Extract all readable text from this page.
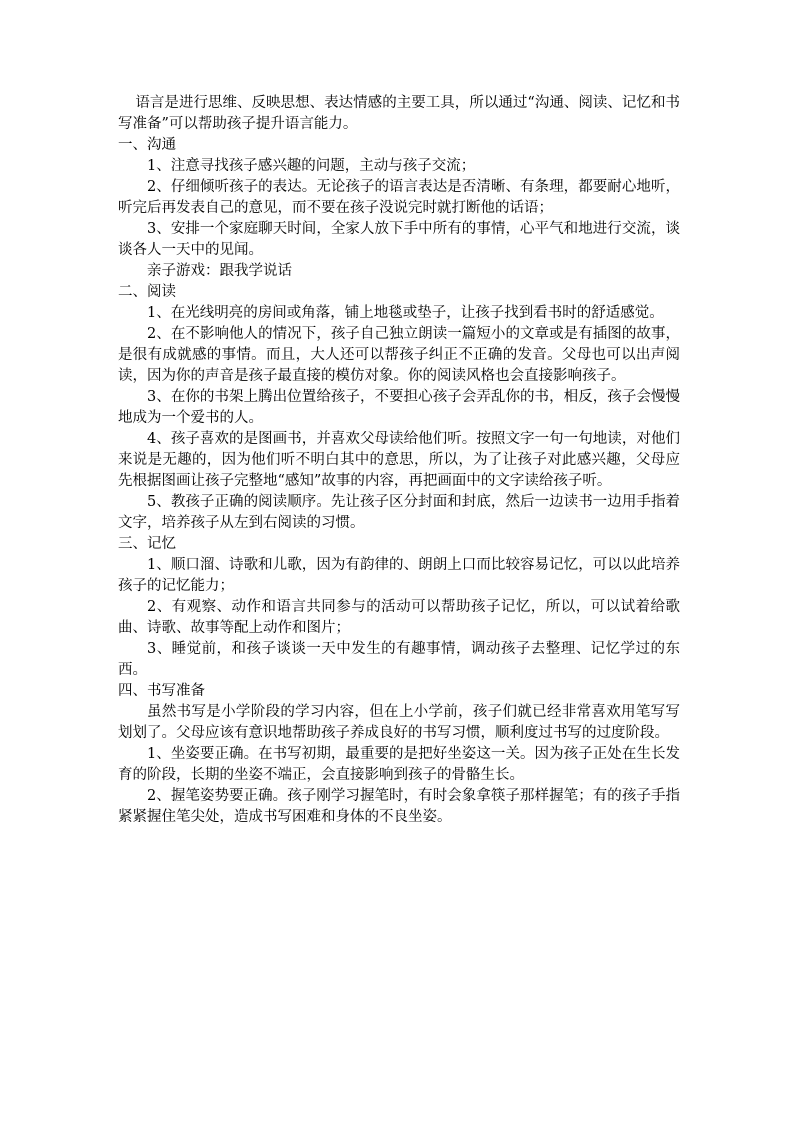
语言是进行思维、反映思想、表达情感的主要工具，所以通过“沟通、阅读、记忆和书写准备”可以帮助孩子提升语言能力。

一、沟通

1、注意寻找孩子感兴趣的问题，主动与孩子交流；

2、仔细倾听孩子的表达。无论孩子的语言表达是否清晰、有条理，都要耐心地听，听完后再发表自己的意见，而不要在孩子没说完时就打断他的话语；

3、安排一个家庭聊天时间，全家人放下手中所有的事情，心平气和地进行交流，谈谈各人一天中的见闻。

亲子游戏：跟我学说话

二、阅读

1、在光线明亮的房间或角落，铺上地毯或垫子，让孩子找到看书时的舒适感觉。

2、在不影响他人的情况下，孩子自己独立朗读一篇短小的文章或是有插图的故事，是很有成就感的事情。而且，大人还可以帮孩子纠正不正确的发音。父母也可以出声阅读，因为你的声音是孩子最直接的模仿对象。你的阅读风格也会直接影响孩子。

3、在你的书架上腾出位置给孩子，不要担心孩子会弄乱你的书，相反，孩子会慢慢地成为一个爱书的人。

4、孩子喜欢的是图画书，并喜欢父母读给他们听。按照文字一句一句地读，对他们来说是无趣的，因为他们听不明白其中的意思，所以，为了让孩子对此感兴趣，父母应先根据图画让孩子完整地“感知”故事的内容，再把画面中的文字读给孩子听。

5、教孩子正确的阅读顺序。先让孩子区分封面和封底，然后一边读书一边用手指着文字，培养孩子从左到右阅读的习惯。

三、记忆

1、顺口溜、诗歌和儿歌，因为有韵律的、朗朗上口而比较容易记忆，可以以此培养孩子的记忆能力；

2、有观察、动作和语言共同参与的活动可以帮助孩子记忆，所以，可以试着给歌曲、诗歌、故事等配上动作和图片；

3、睡觉前，和孩子谈谈一天中发生的有趣事情，调动孩子去整理、记忆学过的东西。

四、书写准备

虽然书写是小学阶段的学习内容，但在上小学前，孩子们就已经非常喜欢用笔写写划划了。父母应该有意识地帮助孩子养成良好的书写习惯，顺利度过书写的过度阶段。

1、坐姿要正确。在书写初期，最重要的是把好坐姿这一关。因为孩子正处在生长发育的阶段，长期的坐姿不端正，会直接影响到孩子的骨骼生长。

2、握笔姿势要正确。孩子刚学习握笔时，有时会象拿筷子那样握笔；有的孩子手指紧紧握住笔尖处，造成书写困难和身体的不良坐姿。
